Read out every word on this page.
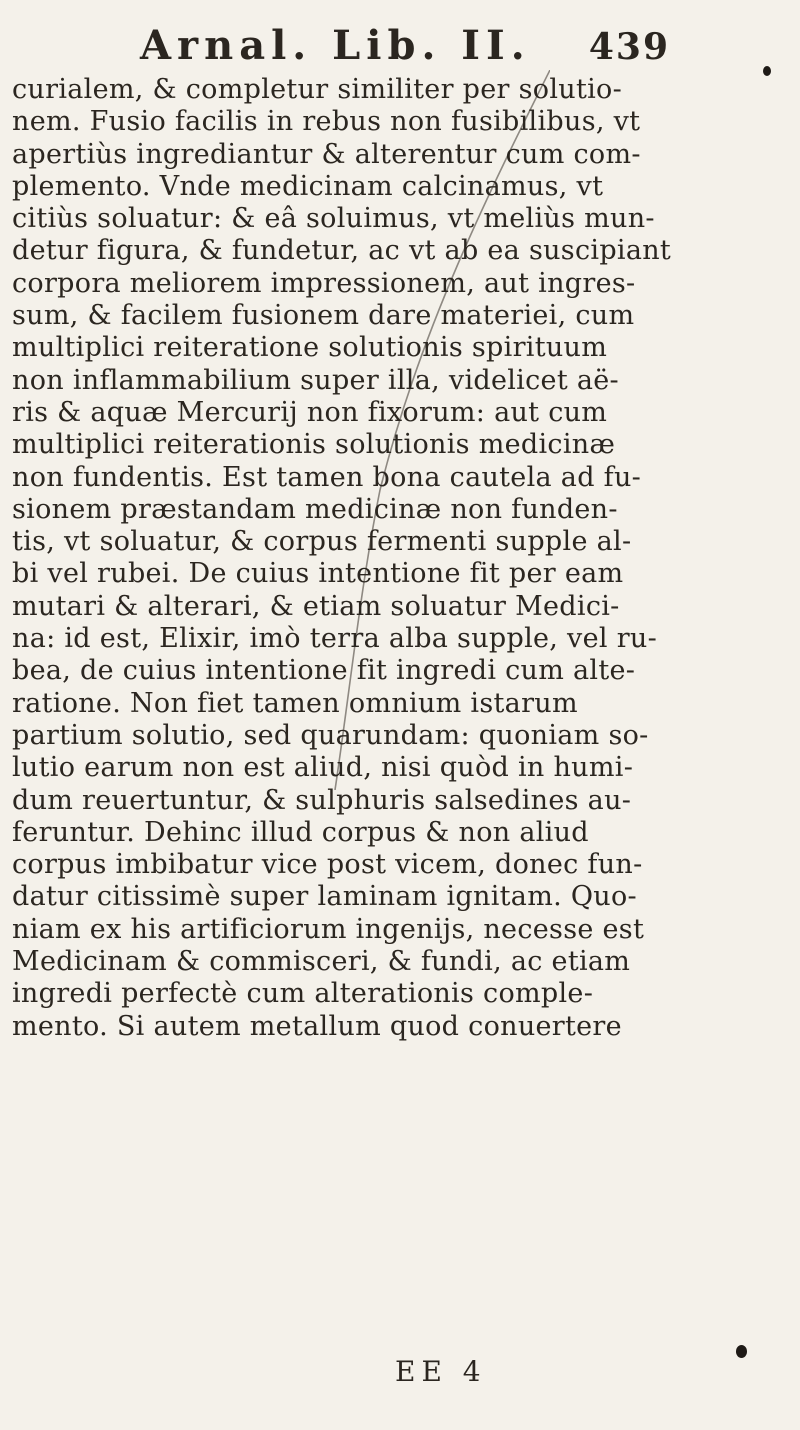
Arnal. Lib. II. 439
curialem, & completur similiter per solutio-
nem. Fusio facilis in rebus non fusibilibus, vt
apertiùs ingrediantur & alterentur cum com-
plemento. Vnde medicinam calcinamus, vt
citiùs soluatur: & eâ soluimus, vt meliùs mun-
detur figura, & fundetur, ac vt ab ea suscipiant
corpora meliorem impressionem, aut ingres-
sum, & facilem fusionem dare materiei, cum
multiplici reiteratione solutionis spirituum
non inflammabilium super illa, videlicet aë-
ris & aquæ Mercurij non fixorum: aut cum
multiplici reiterationis solutionis medicinæ
non fundentis. Est tamen bona cautela ad fu-
sionem præstandam medicinæ non funden-
tis, vt soluatur, & corpus fermenti supple al-
bi vel rubei. De cuius intentione fit per eam
mutari & alterari, & etiam soluatur Medici-
na: id est, Elixir, imò terra alba supple, vel ru-
bea, de cuius intentione fit ingredi cum alte-
ratione. Non fiet tamen omnium istarum
partium solutio, sed quarundam: quoniam so-
lutio earum non est aliud, nisi quòd in humi-
dum reuertuntur, & sulphuris salsedines au-
feruntur. Dehinc illud corpus & non aliud
corpus imbibatur vice post vicem, donec fun-
datur citissimè super laminam ignitam. Quo-
niam ex his artificiorum ingenijs, necesse est
Medicinam & commisceri, & fundi, ac etiam
ingredi perfectè cum alterationis comple-
mento. Si autem metallum quod conuertere
EE 4
